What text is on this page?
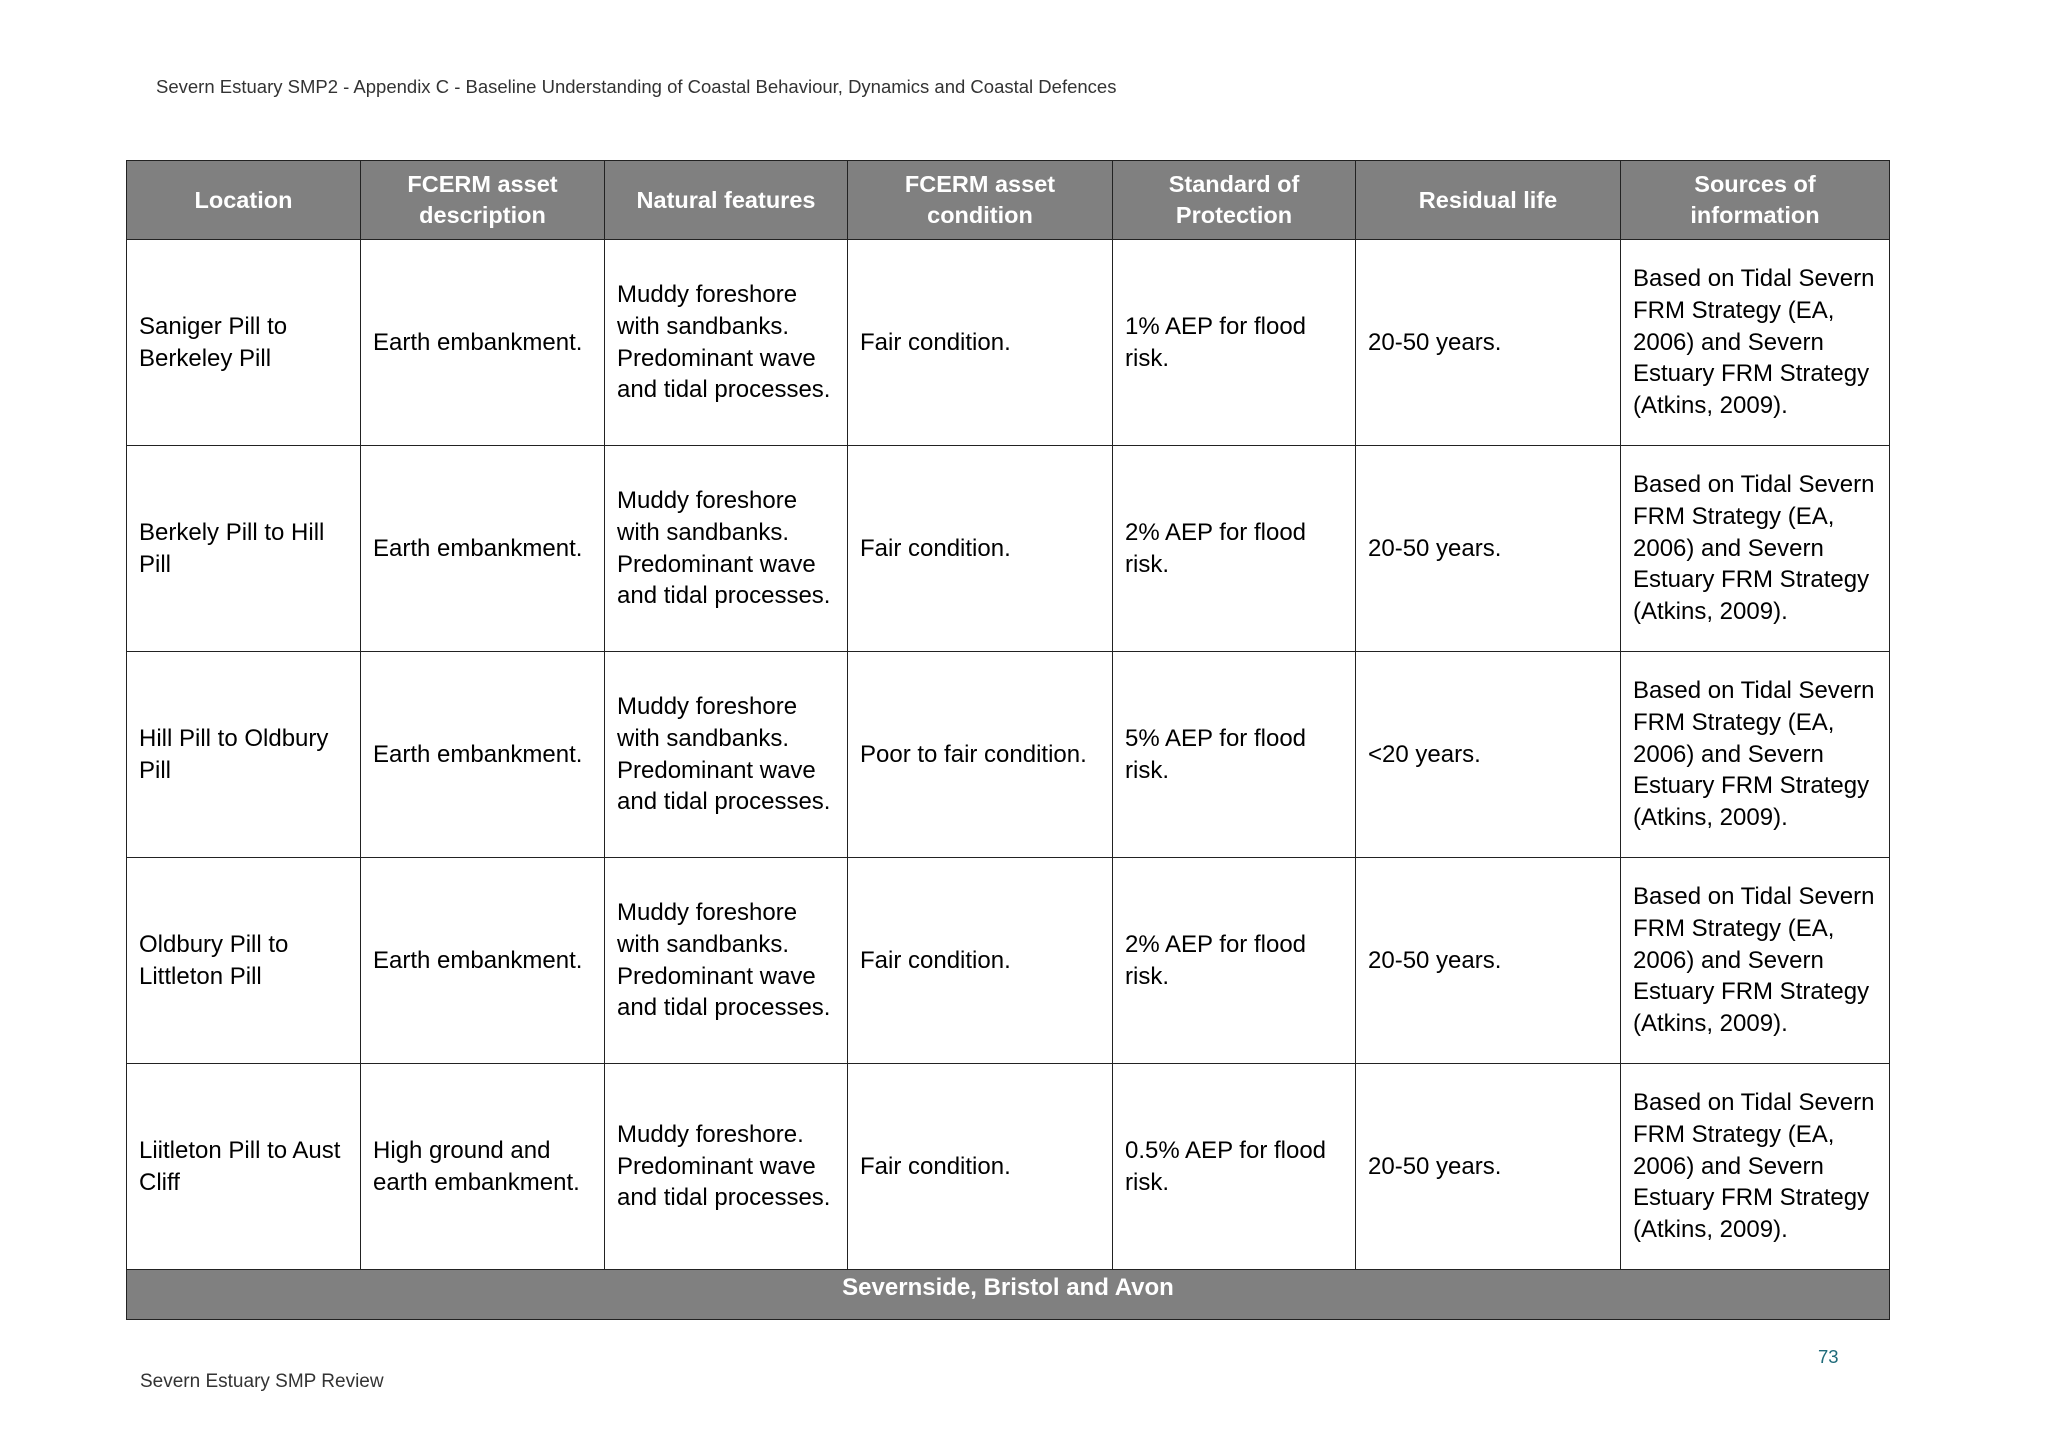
Severn Estuary SMP2 - Appendix C - Baseline Understanding of Coastal Behaviour, Dynamics and Coastal Defences
Location	FCERM asset description	Natural features	FCERM asset condition	Standard of Protection	Residual life	Sources of information
Saniger Pill to Berkeley Pill	Earth embankment.	Muddy foreshore with sandbanks. Predominant wave and tidal processes.	Fair condition.	1% AEP for flood risk.	20-50 years.	Based on Tidal Severn FRM Strategy (EA, 2006) and Severn Estuary FRM Strategy (Atkins, 2009).
Berkely Pill to Hill Pill	Earth embankment.	Muddy foreshore with sandbanks. Predominant wave and tidal processes.	Fair condition.	2% AEP for flood risk.	20-50 years.	Based on Tidal Severn FRM Strategy (EA, 2006) and Severn Estuary FRM Strategy (Atkins, 2009).
Hill Pill to Oldbury Pill	Earth embankment.	Muddy foreshore with sandbanks. Predominant wave and tidal processes.	Poor to fair condition.	5% AEP for flood risk.	<20 years.	Based on Tidal Severn FRM Strategy (EA, 2006) and Severn Estuary FRM Strategy (Atkins, 2009).
Oldbury Pill to Littleton Pill	Earth embankment.	Muddy foreshore with sandbanks. Predominant wave and tidal processes.	Fair condition.	2% AEP for flood risk.	20-50 years.	Based on Tidal Severn FRM Strategy (EA, 2006) and Severn Estuary FRM Strategy (Atkins, 2009).
Liitleton Pill to Aust Cliff	High ground and earth embankment.	Muddy foreshore. Predominant wave and tidal processes.	Fair condition.	0.5% AEP for flood risk.	20-50 years.	Based on Tidal Severn FRM Strategy (EA, 2006) and Severn Estuary FRM Strategy (Atkins, 2009).
Severnside, Bristol and Avon						
73
Severn Estuary SMP Review
